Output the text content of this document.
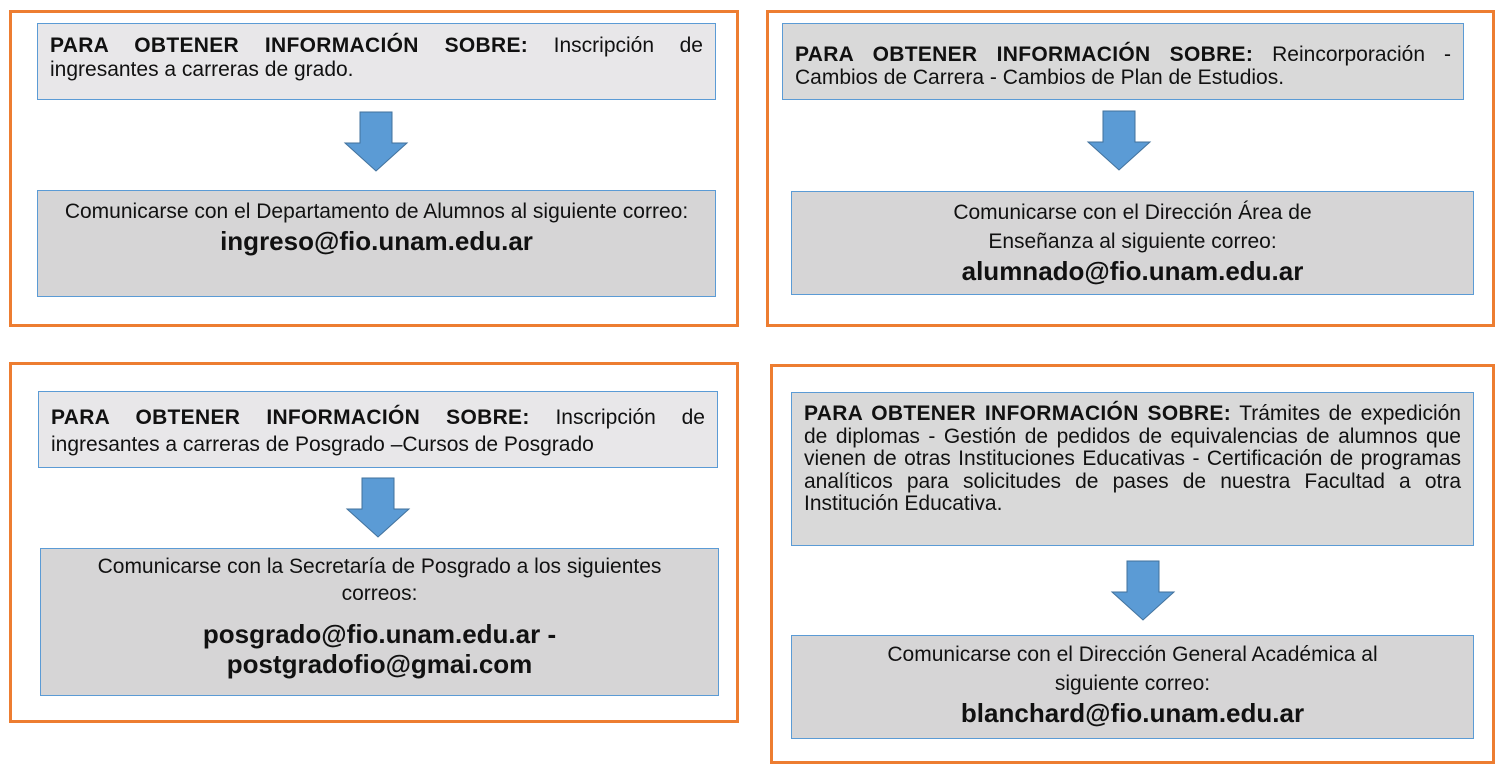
PARA OBTENER INFORMACIÓN SOBRE: Inscripción de ingresantes a carreras de grado.

Comunicarse con el Departamento de Alumnos al siguiente correo:
ingreso@fio.unam.edu.ar

PARA OBTENER INFORMACIÓN SOBRE: Reincorporación - Cambios de Carrera - Cambios de Plan de Estudios.

Comunicarse con el Dirección Área de Enseñanza al siguiente correo:
alumnado@fio.unam.edu.ar

PARA OBTENER INFORMACIÓN SOBRE: Inscripción de ingresantes a carreras de Posgrado –Cursos de Posgrado

Comunicarse con la Secretaría de Posgrado a los siguientes correos:
posgrado@fio.unam.edu.ar -
postgradofio@gmai.com

PARA OBTENER INFORMACIÓN SOBRE: Trámites de expedición de diplomas - Gestión de pedidos de equivalencias de alumnos que vienen de otras Instituciones Educativas - Certificación de programas analíticos para solicitudes de pases de nuestra Facultad a otra Institución Educativa.

Comunicarse con el Dirección General Académica al siguiente correo:
blanchard@fio.unam.edu.ar
